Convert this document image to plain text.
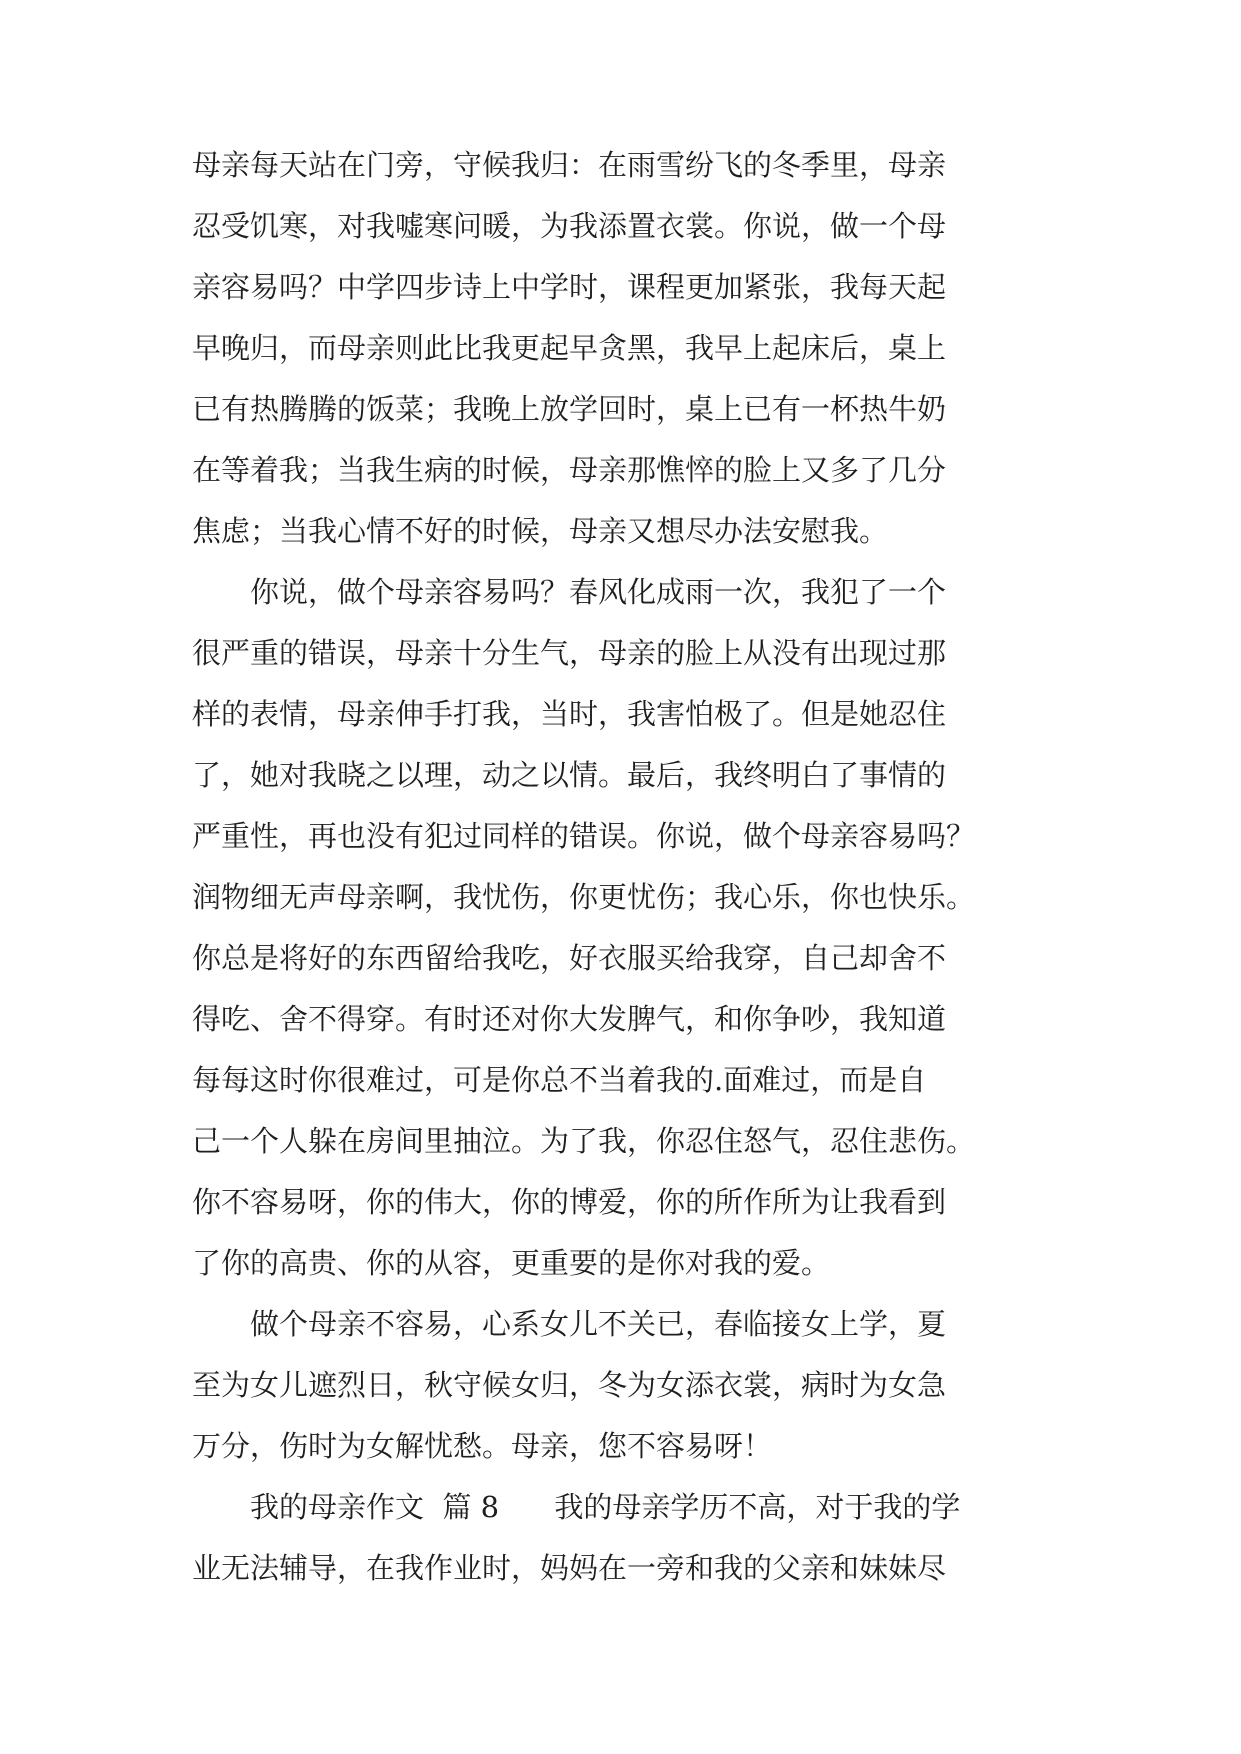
母亲每天站在门旁，守候我归：在雨雪纷飞的冬季里，母亲
忍受饥寒，对我嘘寒问暖，为我添置衣裳。你说，做一个母
亲容易吗？中学四步诗上中学时，课程更加紧张，我每天起
早晚归，而母亲则此比我更起早贪黑，我早上起床后，桌上
已有热腾腾的饭菜；我晚上放学回时，桌上已有一杯热牛奶
在等着我；当我生病的时候，母亲那憔悴的脸上又多了几分
焦虑；当我心情不好的时候，母亲又想尽办法安慰我。
你说，做个母亲容易吗？春风化成雨一次，我犯了一个
很严重的错误，母亲十分生气，母亲的脸上从没有出现过那
样的表情，母亲伸手打我，当时，我害怕极了。但是她忍住
了，她对我晓之以理，动之以情。最后，我终明白了事情的
严重性，再也没有犯过同样的错误。你说，做个母亲容易吗？
润物细无声母亲啊，我忧伤，你更忧伤；我心乐，你也快乐。
你总是将好的东西留给我吃，好衣服买给我穿，自己却舍不
得吃、舍不得穿。有时还对你大发脾气，和你争吵，我知道
每每这时你很难过，可是你总不当着我的.面难过，而是自
己一个人躲在房间里抽泣。为了我，你忍住怒气，忍住悲伤。
你不容易呀，你的伟大，你的博爱，你的所作所为让我看到
了你的高贵、你的从容，更重要的是你对我的爱。
做个母亲不容易，心系女儿不关已，春临接女上学，夏
至为女儿遮烈日，秋守候女归，冬为女添衣裳，病时为女急
万分，伤时为女解忧愁。母亲，您不容易呀！
我的母亲作文  篇 8      我的母亲学历不高，对于我的学
业无法辅导，在我作业时，妈妈在一旁和我的父亲和妹妹尽
